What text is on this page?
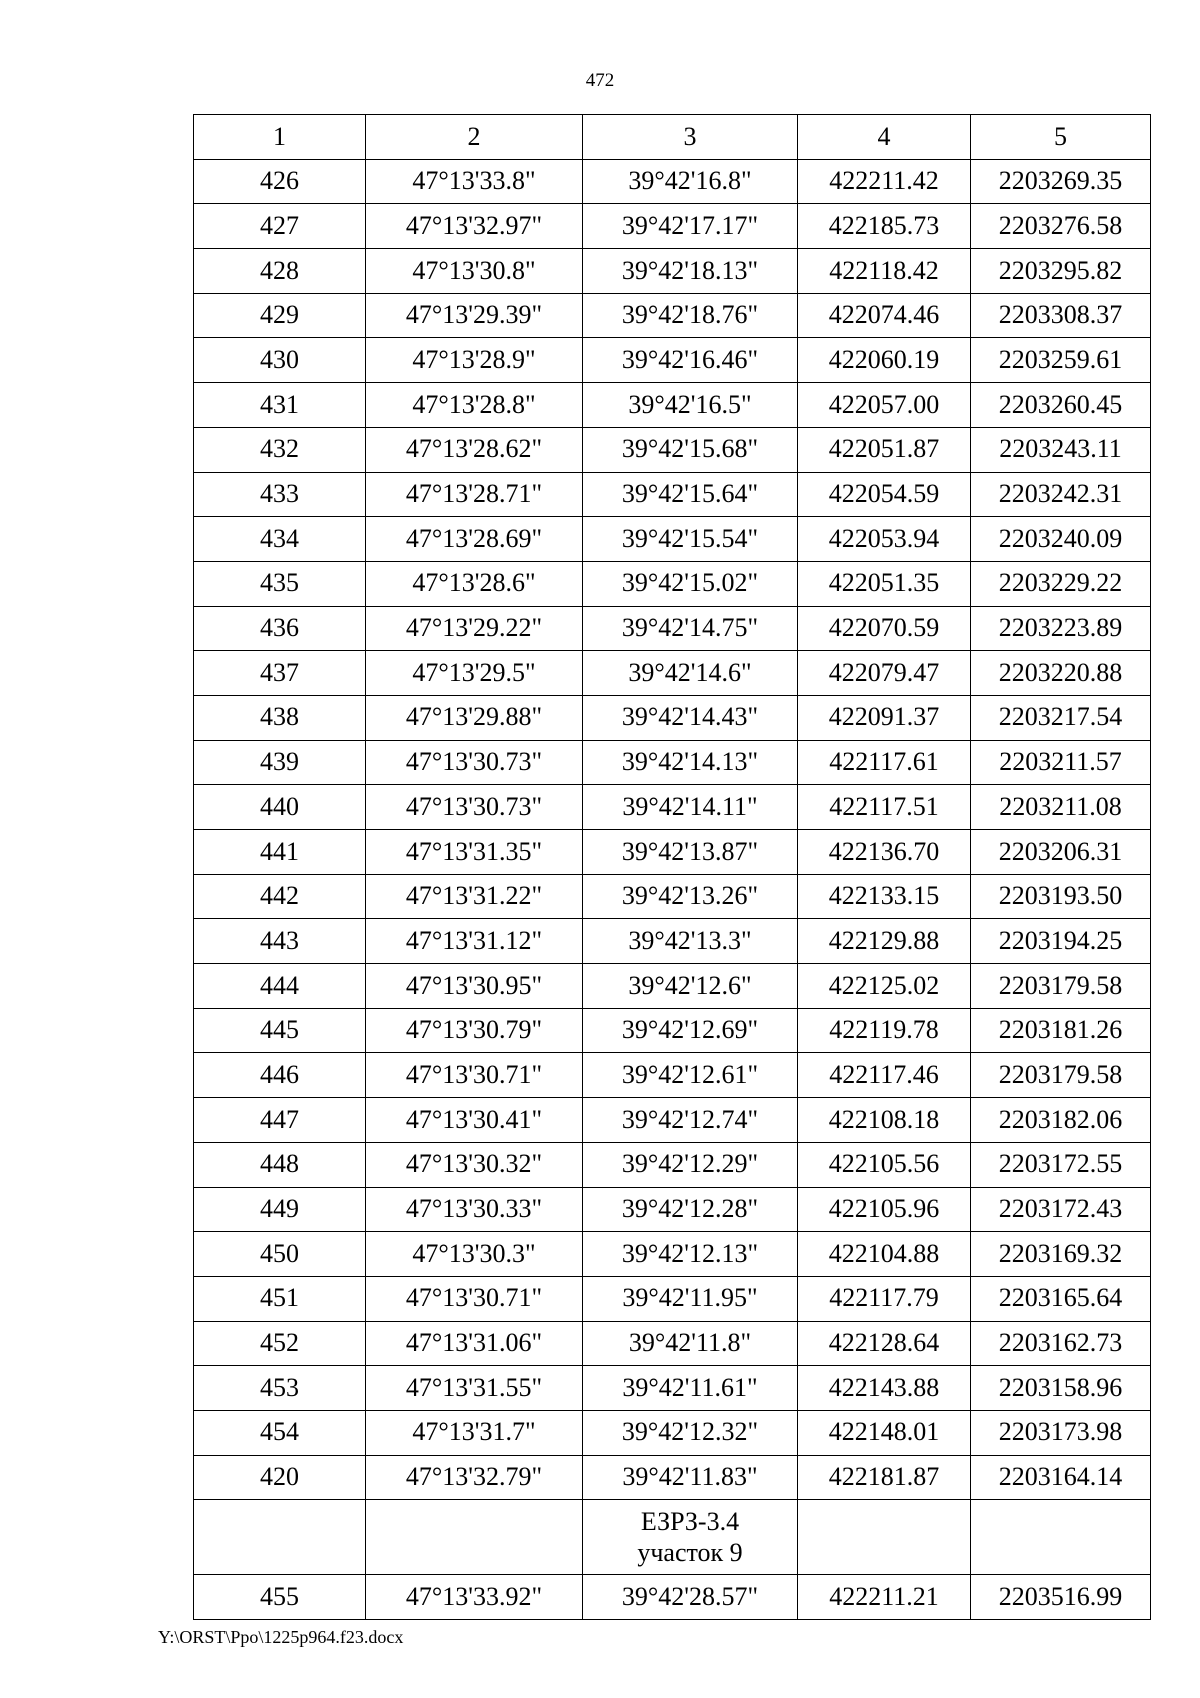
472
1	2	3	4	5
426	47°13'33.8"	39°42'16.8"	422211.42	2203269.35
427	47°13'32.97"	39°42'17.17"	422185.73	2203276.58
428	47°13'30.8"	39°42'18.13"	422118.42	2203295.82
429	47°13'29.39"	39°42'18.76"	422074.46	2203308.37
430	47°13'28.9"	39°42'16.46"	422060.19	2203259.61
431	47°13'28.8"	39°42'16.5"	422057.00	2203260.45
432	47°13'28.62"	39°42'15.68"	422051.87	2203243.11
433	47°13'28.71"	39°42'15.64"	422054.59	2203242.31
434	47°13'28.69"	39°42'15.54"	422053.94	2203240.09
435	47°13'28.6"	39°42'15.02"	422051.35	2203229.22
436	47°13'29.22"	39°42'14.75"	422070.59	2203223.89
437	47°13'29.5"	39°42'14.6"	422079.47	2203220.88
438	47°13'29.88"	39°42'14.43"	422091.37	2203217.54
439	47°13'30.73"	39°42'14.13"	422117.61	2203211.57
440	47°13'30.73"	39°42'14.11"	422117.51	2203211.08
441	47°13'31.35"	39°42'13.87"	422136.70	2203206.31
442	47°13'31.22"	39°42'13.26"	422133.15	2203193.50
443	47°13'31.12"	39°42'13.3"	422129.88	2203194.25
444	47°13'30.95"	39°42'12.6"	422125.02	2203179.58
445	47°13'30.79"	39°42'12.69"	422119.78	2203181.26
446	47°13'30.71"	39°42'12.61"	422117.46	2203179.58
447	47°13'30.41"	39°42'12.74"	422108.18	2203182.06
448	47°13'30.32"	39°42'12.29"	422105.56	2203172.55
449	47°13'30.33"	39°42'12.28"	422105.96	2203172.43
450	47°13'30.3"	39°42'12.13"	422104.88	2203169.32
451	47°13'30.71"	39°42'11.95"	422117.79	2203165.64
452	47°13'31.06"	39°42'11.8"	422128.64	2203162.73
453	47°13'31.55"	39°42'11.61"	422143.88	2203158.96
454	47°13'31.7"	39°42'12.32"	422148.01	2203173.98
420	47°13'32.79"	39°42'11.83"	422181.87	2203164.14

		ЕЗРЗ-3.4
участок 9		

455	47°13'33.92"	39°42'28.57"	422211.21	2203516.99
Y:\ORST\Ppo\1225p964.f23.docx
